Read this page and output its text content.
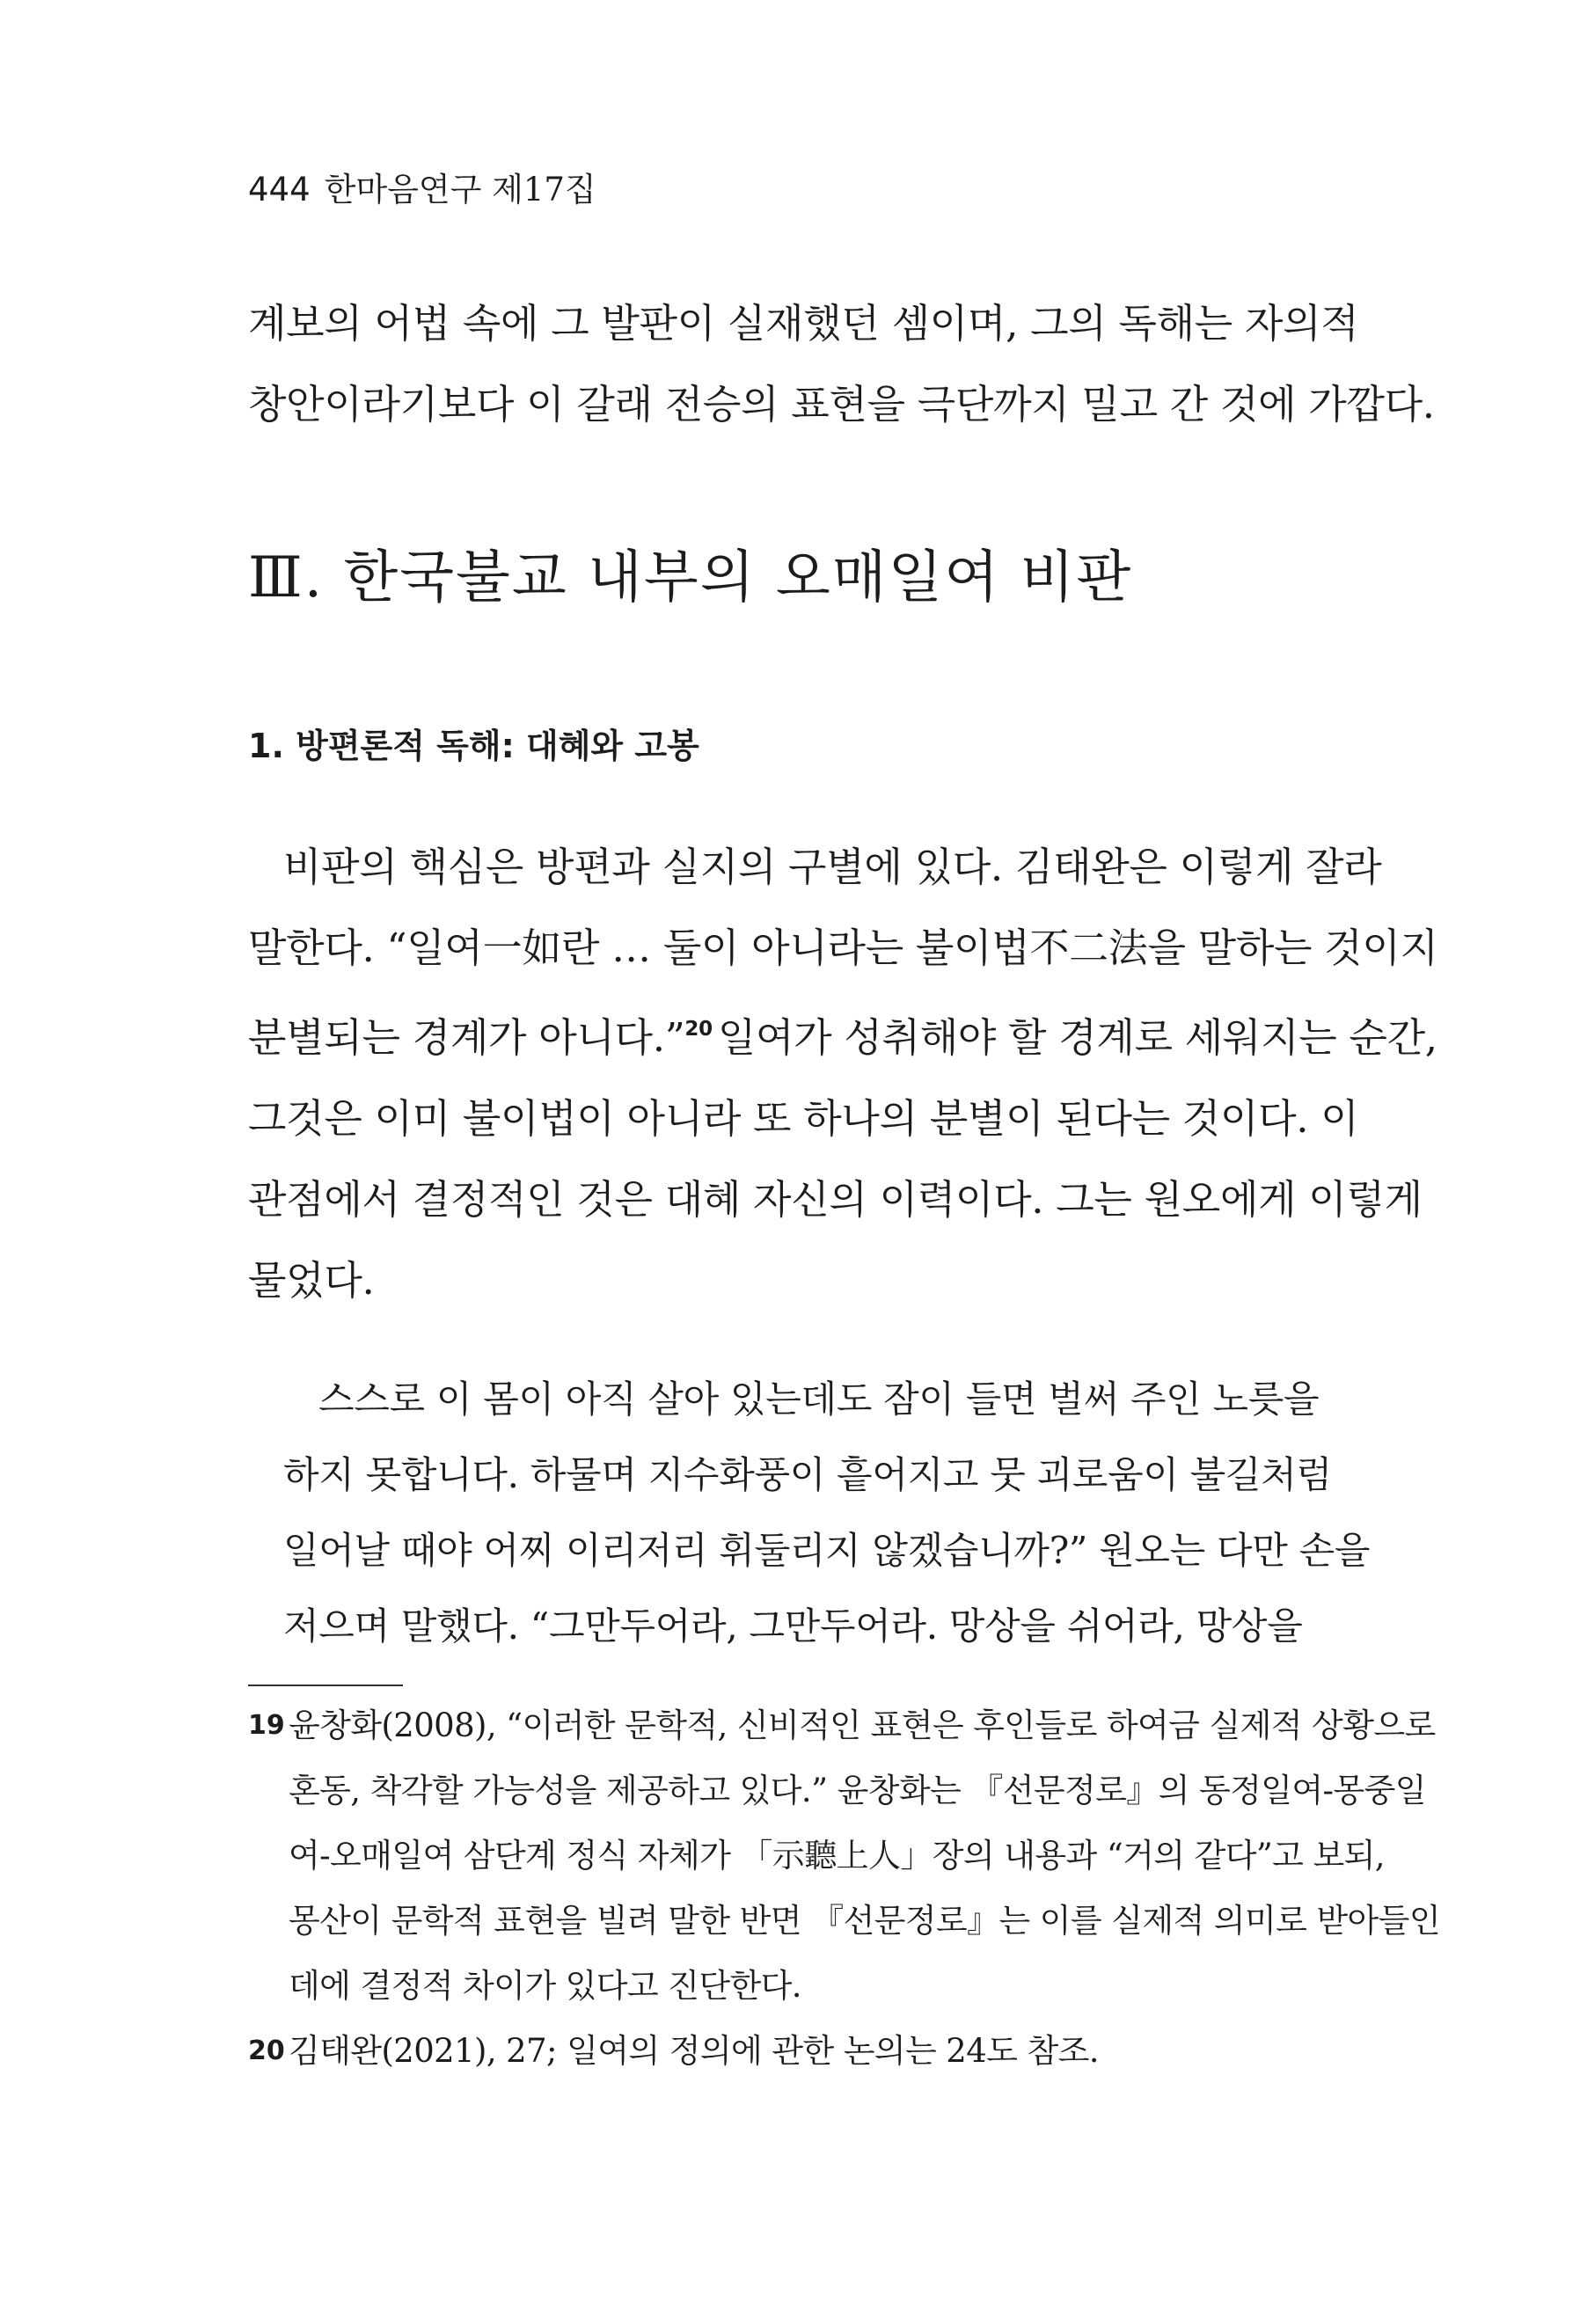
444 한마음연구 제17집
계보의 어법 속에 그 발판이 실재했던 셈이며, 그의 독해는 자의적
창안이라기보다 이 갈래 전승의 표현을 극단까지 밀고 간 것에 가깝다.
Ⅲ. 한국불교 내부의 오매일여 비판
1. 방편론적 독해: 대혜와 고봉
비판의 핵심은 방편과 실지의 구별에 있다. 김태완은 이렇게 잘라
말한다. “일여一如란 … 둘이 아니라는 불이법不二法을 말하는 것이지
분별되는 경계가 아니다.”$^{20}$ 일여가 성취해야 할 경계로 세워지는 순간,
그것은 이미 불이법이 아니라 또 하나의 분별이 된다는 것이다. 이
관점에서 결정적인 것은 대혜 자신의 이력이다. 그는 원오에게 이렇게
물었다.
스스로 이 몸이 아직 살아 있는데도 잠이 들면 벌써 주인 노릇을
하지 못합니다. 하물며 지수화풍이 흩어지고 뭇 괴로움이 불길처럼
일어날 때야 어찌 이리저리 휘둘리지 않겠습니까?” 원오는 다만 손을
저으며 말했다. “그만두어라, 그만두어라. 망상을 쉬어라, 망상을
19 윤창화(2008), “이러한 문학적, 신비적인 표현은 후인들로 하여금 실제적 상황으로
혼동, 착각할 가능성을 제공하고 있다.” 윤창화는 『선문정로』의 동정일여-몽중일
여-오매일여 삼단계 정식 자체가 「示聽上人」장의 내용과 “거의 같다”고 보되,
몽산이 문학적 표현을 빌려 말한 반면 『선문정로』는 이를 실제적 의미로 받아들인
데에 결정적 차이가 있다고 진단한다.
20 김태완(2021), 27; 일여의 정의에 관한 논의는 24도 참조.
